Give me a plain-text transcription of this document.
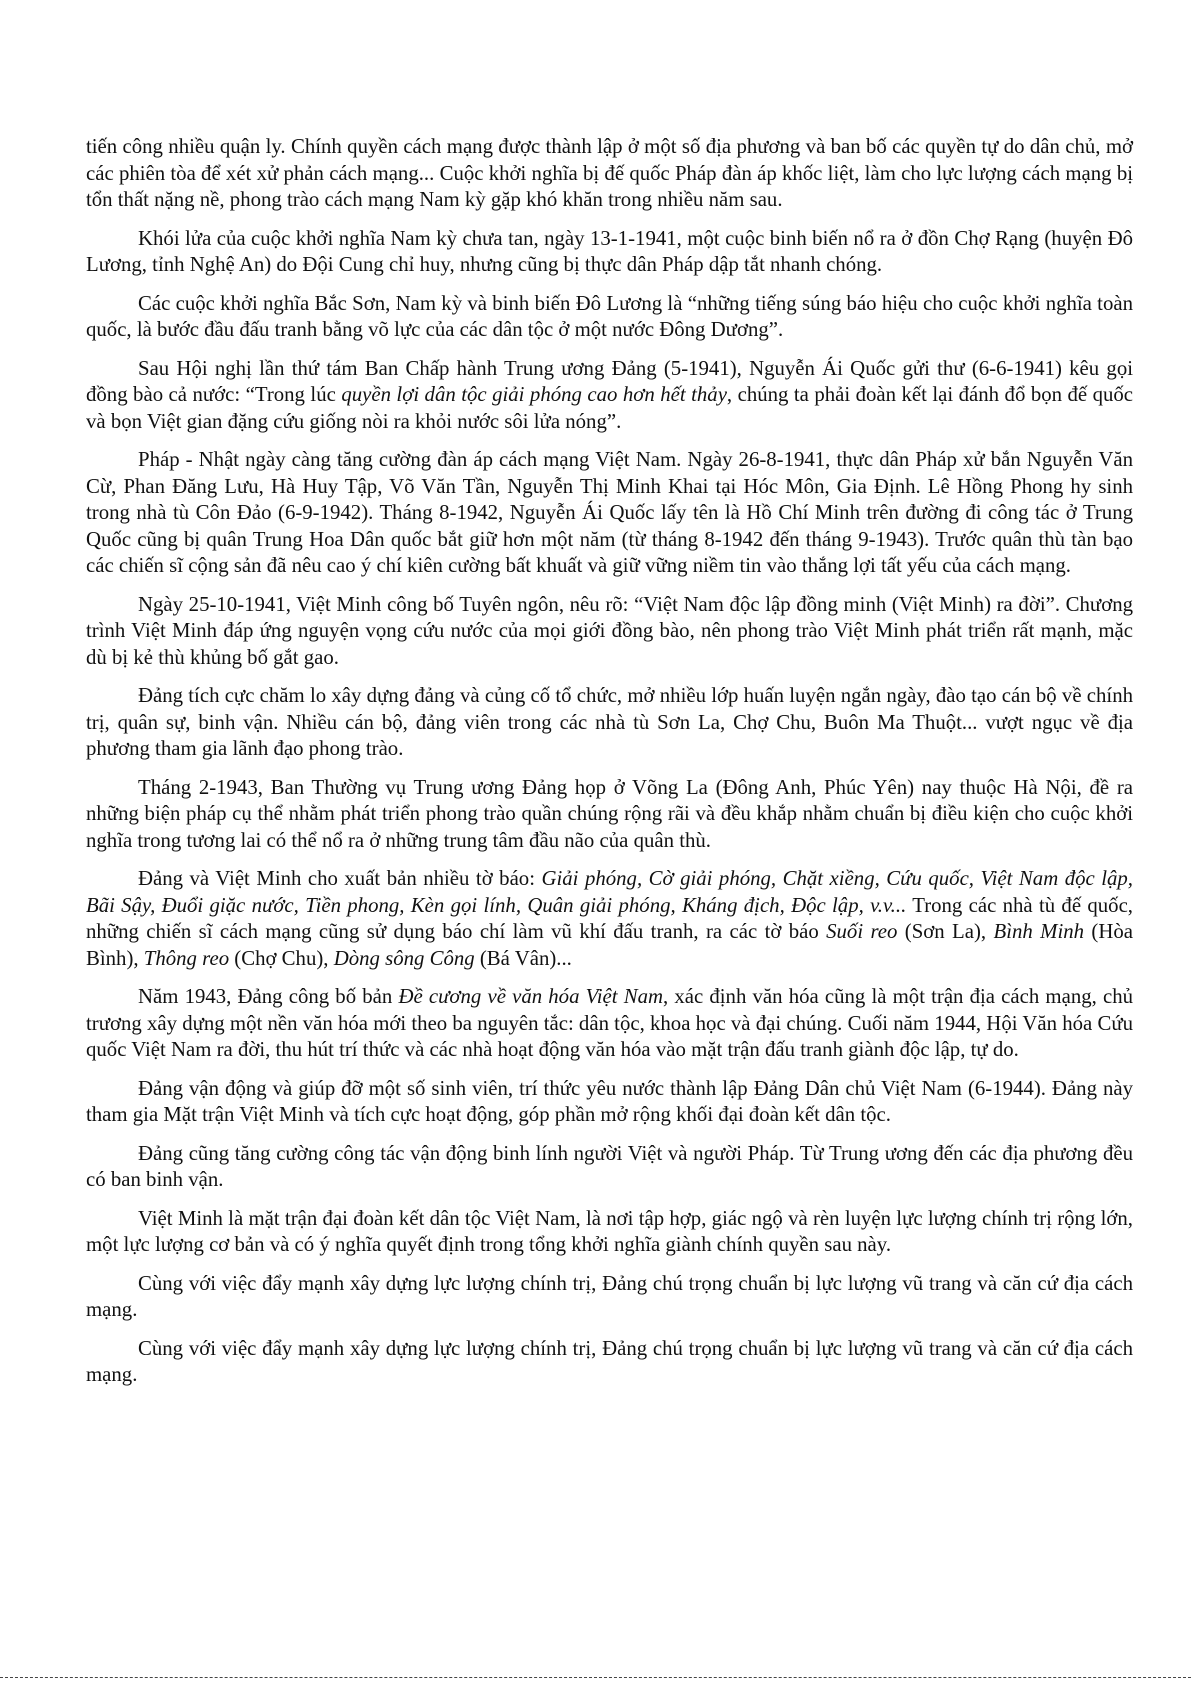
tiến công nhiều quận ly. Chính quyền cách mạng được thành lập ở một số địa phương và ban bố các quyền tự do dân chủ, mở các phiên tòa để xét xử phản cách mạng... Cuộc khởi nghĩa bị đế quốc Pháp đàn áp khốc liệt, làm cho lực lượng cách mạng bị tổn thất nặng nề, phong trào cách mạng Nam kỳ gặp khó khăn trong nhiều năm sau.

Khói lửa của cuộc khởi nghĩa Nam kỳ chưa tan, ngày 13-1-1941, một cuộc binh biến nổ ra ở đồn Chợ Rạng (huyện Đô Lương, tỉnh Nghệ An) do Đội Cung chỉ huy, nhưng cũng bị thực dân Pháp dập tắt nhanh chóng.

Các cuộc khởi nghĩa Bắc Sơn, Nam kỳ và binh biến Đô Lương là “những tiếng súng báo hiệu cho cuộc khởi nghĩa toàn quốc, là bước đầu đấu tranh bằng võ lực của các dân tộc ở một nước Đông Dương”.

Sau Hội nghị lần thứ tám Ban Chấp hành Trung ương Đảng (5-1941), Nguyễn Ái Quốc gửi thư (6-6-1941) kêu gọi đồng bào cả nước: “Trong lúc quyền lợi dân tộc giải phóng cao hơn hết thảy, chúng ta phải đoàn kết lại đánh đổ bọn đế quốc và bọn Việt gian đặng cứu giống nòi ra khỏi nước sôi lửa nóng”.

Pháp - Nhật ngày càng tăng cường đàn áp cách mạng Việt Nam. Ngày 26-8-1941, thực dân Pháp xử bắn Nguyễn Văn Cừ, Phan Đăng Lưu, Hà Huy Tập, Võ Văn Tần, Nguyễn Thị Minh Khai tại Hóc Môn, Gia Định. Lê Hồng Phong hy sinh trong nhà tù Côn Đảo (6-9-1942). Tháng 8-1942, Nguyễn Ái Quốc lấy tên là Hồ Chí Minh trên đường đi công tác ở Trung Quốc cũng bị quân Trung Hoa Dân quốc bắt giữ hơn một năm (từ tháng 8-1942 đến tháng 9-1943). Trước quân thù tàn bạo các chiến sĩ cộng sản đã nêu cao ý chí kiên cường bất khuất và giữ vững niềm tin vào thắng lợi tất yếu của cách mạng.

Ngày 25-10-1941, Việt Minh công bố Tuyên ngôn, nêu rõ: “Việt Nam độc lập đồng minh (Việt Minh) ra đời”. Chương trình Việt Minh đáp ứng nguyện vọng cứu nước của mọi giới đồng bào, nên phong trào Việt Minh phát triển rất mạnh, mặc dù bị kẻ thù khủng bố gắt gao.

Đảng tích cực chăm lo xây dựng đảng và củng cố tổ chức, mở nhiều lớp huấn luyện ngắn ngày, đào tạo cán bộ về chính trị, quân sự, binh vận. Nhiều cán bộ, đảng viên trong các nhà tù Sơn La, Chợ Chu, Buôn Ma Thuột... vượt ngục về địa phương tham gia lãnh đạo phong trào.

Tháng 2-1943, Ban Thường vụ Trung ương Đảng họp ở Võng La (Đông Anh, Phúc Yên) nay thuộc Hà Nội, đề ra những biện pháp cụ thể nhằm phát triển phong trào quần chúng rộng rãi và đều khắp nhằm chuẩn bị điều kiện cho cuộc khởi nghĩa trong tương lai có thể nổ ra ở những trung tâm đầu não của quân thù.

Đảng và Việt Minh cho xuất bản nhiều tờ báo: Giải phóng, Cờ giải phóng, Chặt xiềng, Cứu quốc, Việt Nam độc lập, Bãi Sậy, Đuổi giặc nước, Tiền phong, Kèn gọi lính, Quân giải phóng, Kháng địch, Độc lập, v.v... Trong các nhà tù đế quốc, những chiến sĩ cách mạng cũng sử dụng báo chí làm vũ khí đấu tranh, ra các tờ báo Suối reo (Sơn La), Bình Minh (Hòa Bình), Thông reo (Chợ Chu), Dòng sông Công (Bá Vân)...

Năm 1943, Đảng công bố bản Đề cương về văn hóa Việt Nam, xác định văn hóa cũng là một trận địa cách mạng, chủ trương xây dựng một nền văn hóa mới theo ba nguyên tắc: dân tộc, khoa học và đại chúng. Cuối năm 1944, Hội Văn hóa Cứu quốc Việt Nam ra đời, thu hút trí thức và các nhà hoạt động văn hóa vào mặt trận đấu tranh giành độc lập, tự do.

Đảng vận động và giúp đỡ một số sinh viên, trí thức yêu nước thành lập Đảng Dân chủ Việt Nam (6-1944). Đảng này tham gia Mặt trận Việt Minh và tích cực hoạt động, góp phần mở rộng khối đại đoàn kết dân tộc.

Đảng cũng tăng cường công tác vận động binh lính người Việt và người Pháp. Từ Trung ương đến các địa phương đều có ban binh vận.

Việt Minh là mặt trận đại đoàn kết dân tộc Việt Nam, là nơi tập hợp, giác ngộ và rèn luyện lực lượng chính trị rộng lớn, một lực lượng cơ bản và có ý nghĩa quyết định trong tổng khởi nghĩa giành chính quyền sau này.

Cùng với việc đẩy mạnh xây dựng lực lượng chính trị, Đảng chú trọng chuẩn bị lực lượng vũ trang và căn cứ địa cách mạng.

Cùng với việc đẩy mạnh xây dựng lực lượng chính trị, Đảng chú trọng chuẩn bị lực lượng vũ trang và căn cứ địa cách mạng.
